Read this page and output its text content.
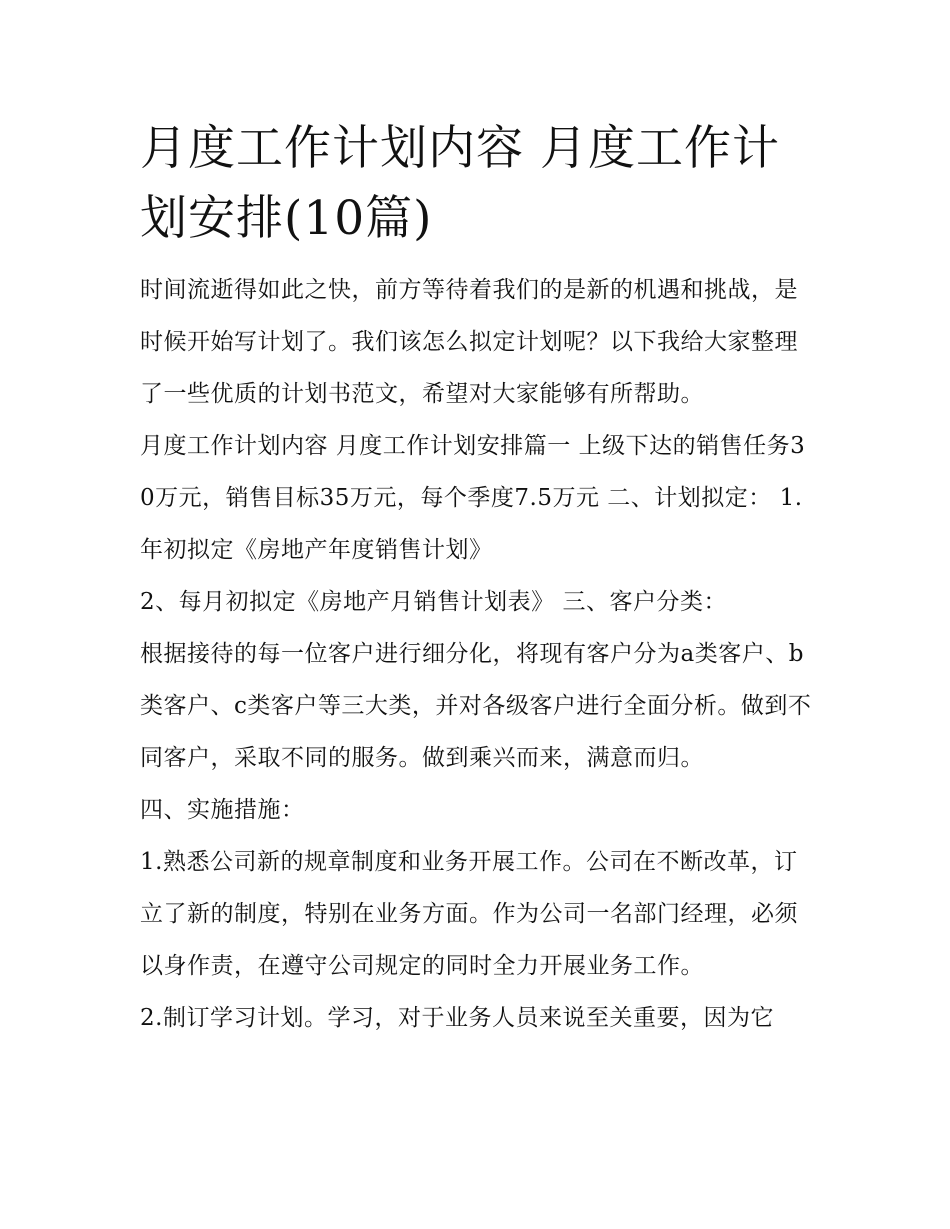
月度工作计划内容 月度工作计划安排(10篇)

时间流逝得如此之快，前方等待着我们的是新的机遇和挑战，是时候开始写计划了。我们该怎么拟定计划呢？以下我给大家整理了一些优质的计划书范文，希望对大家能够有所帮助。

月度工作计划内容 月度工作计划安排篇一 上级下达的销售任务30万元，销售目标35万元，每个季度7.5万元 二、计划拟定： 1.年初拟定《房地产年度销售计划》

2、每月初拟定《房地产月销售计划表》 三、客户分类：

根据接待的每一位客户进行细分化，将现有客户分为a类客户、b类客户、c类客户等三大类，并对各级客户进行全面分析。做到不同客户，采取不同的服务。做到乘兴而来，满意而归。

四、实施措施：

1.熟悉公司新的规章制度和业务开展工作。公司在不断改革，订立了新的制度，特别在业务方面。作为公司一名部门经理，必须以身作责，在遵守公司规定的同时全力开展业务工作。

2.制订学习计划。学习，对于业务人员来说至关重要，因为它
